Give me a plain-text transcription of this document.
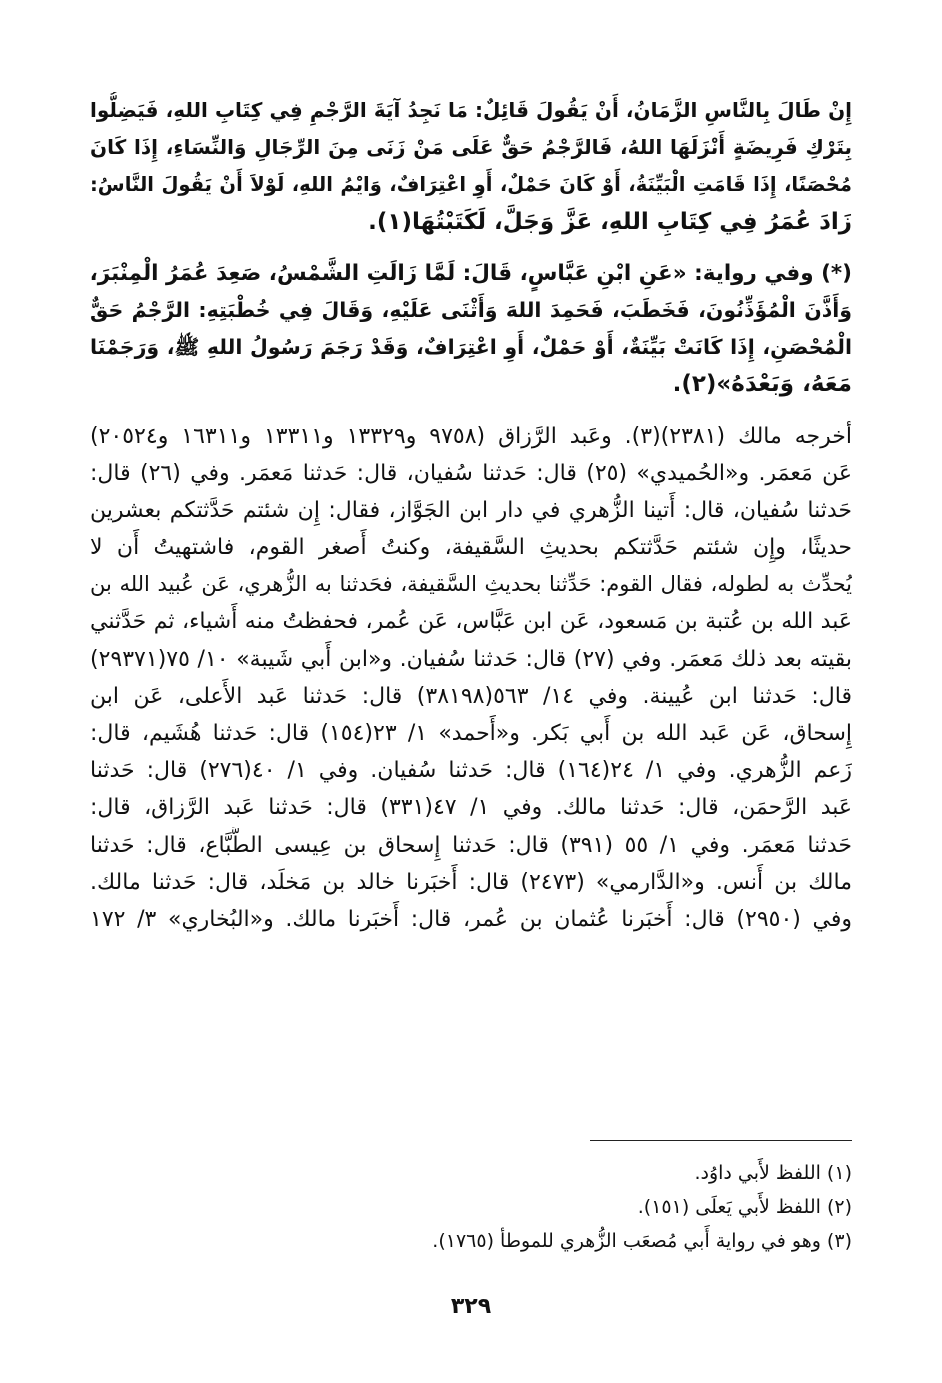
إِنْ طَالَ بِالنَّاسِ الزَّمَانُ، أَنْ يَقُولَ قَائِلٌ: مَا نَجِدُ آيَةَ الرَّجْمِ فِي كِتَابِ اللهِ، فَيَضِلُّوا
بِتَرْكِ فَرِيضَةٍ أَنْزَلَهَا اللهُ، فَالرَّجْمُ حَقٌّ عَلَى مَنْ زَنَى مِنَ الرِّجَالِ وَالنِّسَاءِ، إِذَا كَانَ
مُحْصَنًا، إِذَا قَامَتِ الْبَيِّنَةُ، أَوْ كَانَ حَمْلٌ، أَوِ اعْتِرَافٌ، وَايْمُ اللهِ، لَوْلاَ أَنْ يَقُولَ النَّاسُ:
زَادَ عُمَرُ فِي كِتَابِ اللهِ، عَزَّ وَجَلَّ، لَكَتَبْتُهَا(١).
(*) وفي رواية: «عَنِ ابْنِ عَبَّاسٍ، قَالَ: لَمَّا زَالَتِ الشَّمْسُ، صَعِدَ عُمَرُ الْمِنْبَرَ،
وَأَذَّنَ الْمُؤَذِّنُونَ، فَخَطَبَ، فَحَمِدَ اللهَ وَأَثْنَى عَلَيْهِ، وَقَالَ فِي خُطْبَتِهِ: الرَّجْمُ حَقٌّ
الْمُحْصَنِ، إِذَا كَانَتْ بَيِّنَةٌ، أَوْ حَمْلٌ، أَوِ اعْتِرَافٌ، وَقَدْ رَجَمَ رَسُولُ اللهِ ﷺ، وَرَجَمْنَا
مَعَهُ، وَبَعْدَهُ»(٢).
أخرجه مالك (٢٣٨١)(٣). وعَبد الرَّزاق (٩٧٥٨ و١٣٣٢٩ و١٣٣١١ و١٦٣١١ و٢٠٥٢٤)
عَن مَعمَر. و«الحُميدي» (٢٥) قال: حَدثنا سُفيان، قال: حَدثنا مَعمَر. وفي (٢٦) قال:
حَدثنا سُفيان، قال: أَتينا الزُّهري في دار ابن الجَوَّاز، فقال: إِن شئتم حَدَّثتكم بعشرين
حديثًا، وإِن شئتم حَدَّثتكم بحديثِ السَّقيفة، وكنتُ أَصغر القوم، فاشتهيتُ أَن لا
يُحدِّث به لطوله، فقال القوم: حَدِّثنا بحديثِ السَّقيفة، فحَدثنا به الزُّهري، عَن عُبيد الله بن
عَبد الله بن عُتبة بن مَسعود، عَن ابن عَبَّاس، عَن عُمر، فحفظتُ منه أَشياء، ثم حَدَّثني
بقيته بعد ذلك مَعمَر. وفي (٢٧) قال: حَدثنا سُفيان. و«ابن أَبي شَيبة» ١٠/ ٧٥(٢٩٣٧١)
قال: حَدثنا ابن عُيينة. وفي ١٤/ ٥٦٣(٣٨١٩٨) قال: حَدثنا عَبد الأَعلى، عَن ابن
إِسحاق، عَن عَبد الله بن أَبي بَكر. و«أَحمد» ١/ ٢٣(١٥٤) قال: حَدثنا هُشَيم، قال:
زَعم الزُّهري. وفي ١/ ٢٤(١٦٤) قال: حَدثنا سُفيان. وفي ١/ ٤٠(٢٧٦) قال: حَدثنا
عَبد الرَّحمَن، قال: حَدثنا مالك. وفي ١/ ٤٧(٣٣١) قال: حَدثنا عَبد الرَّزاق، قال:
حَدثنا مَعمَر. وفي ١/ ٥٥ (٣٩١) قال: حَدثنا إِسحاق بن عِيسى الطَّبَّاع، قال: حَدثنا
مالك بن أَنس. و«الدَّارمي» (٢٤٧٣) قال: أَخبَرنا خالد بن مَخلَد، قال: حَدثنا مالك.
وفي (٢٩٥٠) قال: أَخبَرنا عُثمان بن عُمر، قال: أَخبَرنا مالك. و«البُخاري» ٣/ ١٧٢
(١) اللفظ لأَبي داوُد.
(٢) اللفظ لأَبي يَعلَى (١٥١).
(٣) وهو في رواية أَبي مُصعَب الزُّهري للموطأ (١٧٦٥).
٣٢٩
